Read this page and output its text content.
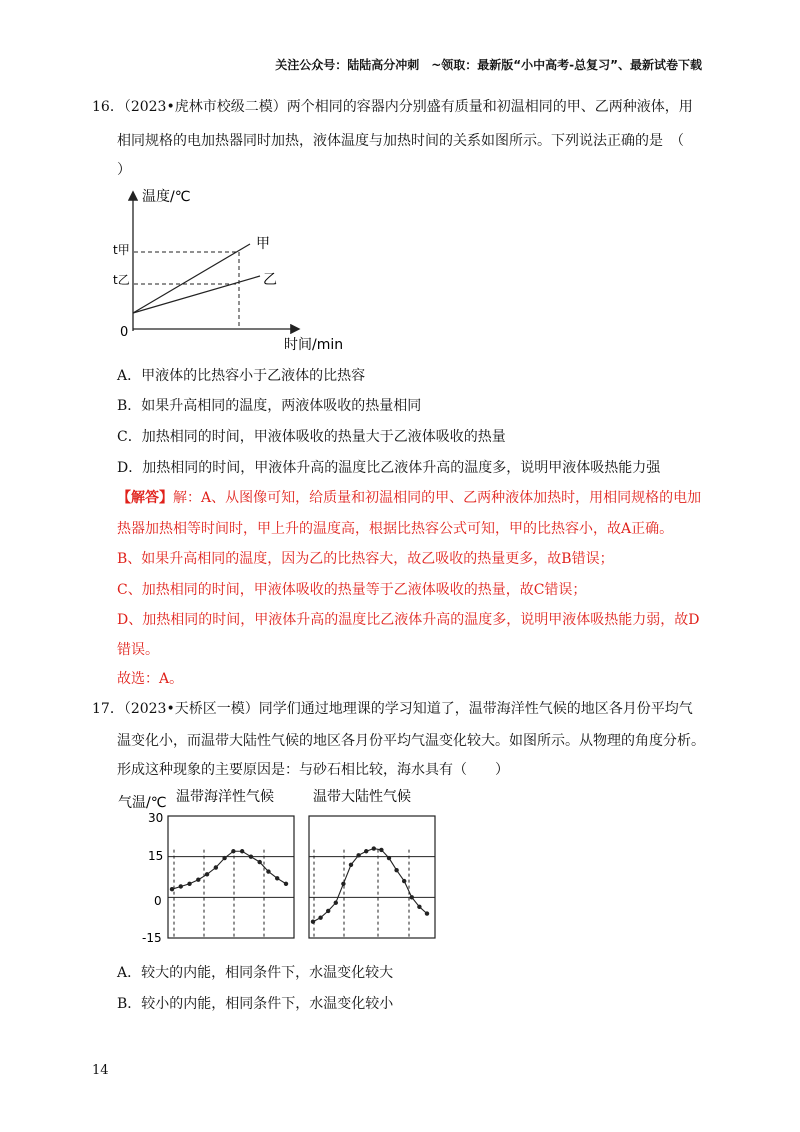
关注公众号：陆陆高分冲刺　~领取：最新版“小中高考-总复习”、最新试卷下载
16．（2023•虎林市校级二模）两个相同的容器内分别盛有质量和初温相同的甲、乙两种液体，用
相同规格的电加热器同时加热，液体温度与加热时间的关系如图所示。下列说法正确的是　（
）
温度/℃
时间/min
0
t甲
t乙
甲
乙
A．甲液体的比热容小于乙液体的比热容
B．如果升高相同的温度，两液体吸收的热量相同
C．加热相同的时间，甲液体吸收的热量大于乙液体吸收的热量
D．加热相同的时间，甲液体升高的温度比乙液体升高的温度多，说明甲液体吸热能力强
【解答】解：A、从图像可知，给质量和初温相同的甲、乙两种液体加热时，用相同规格的电加
热器加热相等时间时，甲上升的温度高，根据比热容公式可知，甲的比热容小，故A正确。
B、如果升高相同的温度，因为乙的比热容大，故乙吸收的热量更多，故B错误；
C、加热相同的时间，甲液体吸收的热量等于乙液体吸收的热量，故C错误；
D、加热相同的时间，甲液体升高的温度比乙液体升高的温度多，说明甲液体吸热能力弱，故D
错误。
故选：A。
17．（2023•天桥区一模）同学们通过地理课的学习知道了，温带海洋性气候的地区各月份平均气
温变化小，而温带大陆性气候的地区各月份平均气温变化较大。如图所示。从物理的角度分析。
形成这种现象的主要原因是：与砂石相比较，海水具有（　　）
气温/℃ 温带海洋性气候	温带大陆性气候
30
15
0
-15
A．较大的内能，相同条件下，水温变化较大
B．较小的内能，相同条件下，水温变化较小
14
